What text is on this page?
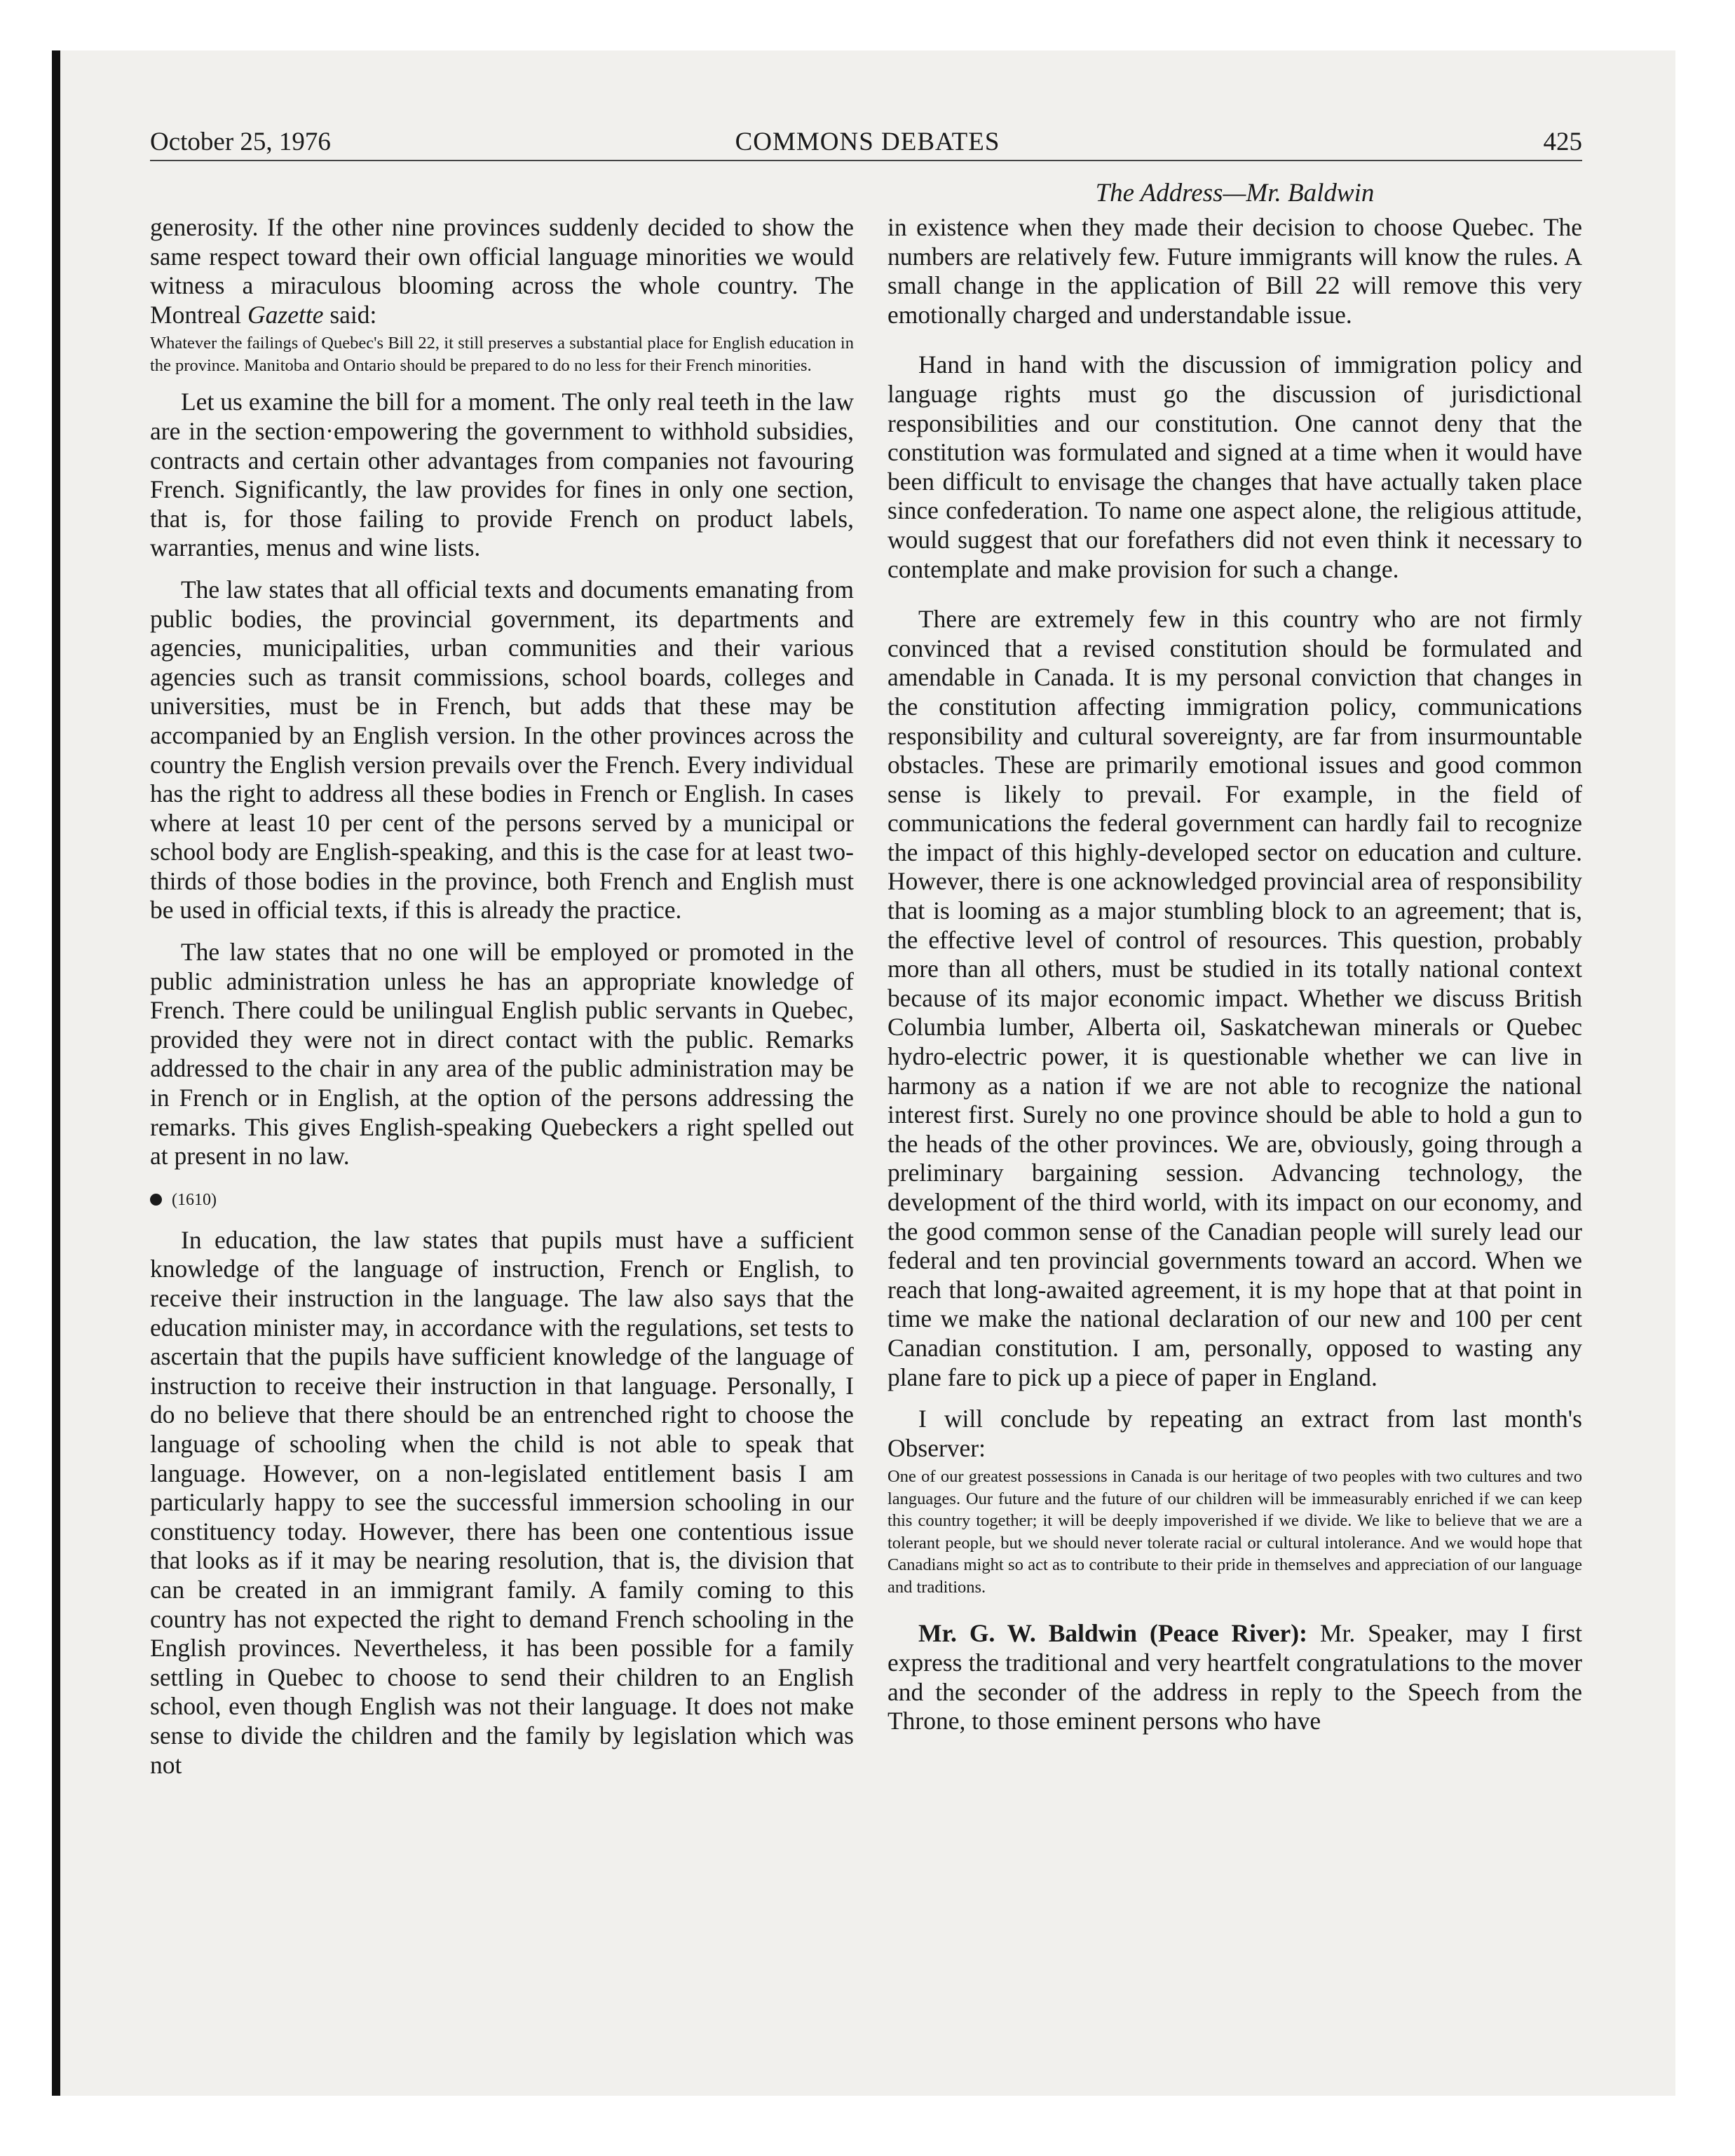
COMMONS DEBATES
October 25, 1976	425
The Address—Mr. Baldwin

generosity. If the other nine provinces suddenly decided to show the same respect toward their own official language minorities we would witness a miraculous blooming across the whole country. The Montreal Gazette said:

Whatever the failings of Quebec's Bill 22, it still preserves a substantial place for English education in the province. Manitoba and Ontario should be prepared to do no less for their French minorities.

Let us examine the bill for a moment. The only real teeth in the law are in the section·empowering the government to withhold subsidies, contracts and certain other advantages from companies not favouring French. Significantly, the law provides for fines in only one section, that is, for those failing to provide French on product labels, warranties, menus and wine lists.

The law states that all official texts and documents emanating from public bodies, the provincial government, its departments and agencies, municipalities, urban communities and their various agencies such as transit commissions, school boards, colleges and universities, must be in French, but adds that these may be accompanied by an English version. In the other provinces across the country the English version prevails over the French. Every individual has the right to address all these bodies in French or English. In cases where at least 10 per cent of the persons served by a municipal or school body are English-speaking, and this is the case for at least two-thirds of those bodies in the province, both French and English must be used in official texts, if this is already the practice.

The law states that no one will be employed or promoted in the public administration unless he has an appropriate knowledge of French. There could be unilingual English public servants in Quebec, provided they were not in direct contact with the public. Remarks addressed to the chair in any area of the public administration may be in French or in English, at the option of the persons addressing the remarks. This gives English-speaking Quebeckers a right spelled out at present in no law.

(1610)

In education, the law states that pupils must have a sufficient knowledge of the language of instruction, French or English, to receive their instruction in the language. The law also says that the education minister may, in accordance with the regulations, set tests to ascertain that the pupils have sufficient knowledge of the language of instruction to receive their instruction in that language. Personally, I do no believe that there should be an entrenched right to choose the language of schooling when the child is not able to speak that language. However, on a non-legislated entitlement basis I am particularly happy to see the successful immersion schooling in our constituency today. However, there has been one contentious issue that looks as if it may be nearing resolution, that is, the division that can be created in an immigrant family. A family coming to this country has not expected the right to demand French schooling in the English provinces. Nevertheless, it has been possible for a family settling in Quebec to choose to send their children to an English school, even though English was not their language. It does not make sense to divide the children and the family by legislation which was not

in existence when they made their decision to choose Quebec. The numbers are relatively few. Future immigrants will know the rules. A small change in the application of Bill 22 will remove this very emotionally charged and understandable issue.

Hand in hand with the discussion of immigration policy and language rights must go the discussion of jurisdictional responsibilities and our constitution. One cannot deny that the constitution was formulated and signed at a time when it would have been difficult to envisage the changes that have actually taken place since confederation. To name one aspect alone, the religious attitude, would suggest that our forefathers did not even think it necessary to contemplate and make provision for such a change.

There are extremely few in this country who are not firmly convinced that a revised constitution should be formulated and amendable in Canada. It is my personal conviction that changes in the constitution affecting immigration policy, communications responsibility and cultural sovereignty, are far from insurmountable obstacles. These are primarily emotional issues and good common sense is likely to prevail. For example, in the field of communications the federal government can hardly fail to recognize the impact of this highly-developed sector on education and culture. However, there is one acknowledged provincial area of responsibility that is looming as a major stumbling block to an agreement; that is, the effective level of control of resources. This question, probably more than all others, must be studied in its totally national context because of its major economic impact. Whether we discuss British Columbia lumber, Alberta oil, Saskatchewan minerals or Quebec hydro-electric power, it is questionable whether we can live in harmony as a nation if we are not able to recognize the national interest first. Surely no one province should be able to hold a gun to the heads of the other provinces. We are, obviously, going through a preliminary bargaining session. Advancing technology, the development of the third world, with its impact on our economy, and the good common sense of the Canadian people will surely lead our federal and ten provincial governments toward an accord. When we reach that long-awaited agreement, it is my hope that at that point in time we make the national declaration of our new and 100 per cent Canadian constitution. I am, personally, opposed to wasting any plane fare to pick up a piece of paper in England.

I will conclude by repeating an extract from last month's Observer:

One of our greatest possessions in Canada is our heritage of two peoples with two cultures and two languages. Our future and the future of our children will be immeasurably enriched if we can keep this country together; it will be deeply impoverished if we divide. We like to believe that we are a tolerant people, but we should never tolerate racial or cultural intolerance. And we would hope that Canadians might so act as to contribute to their pride in themselves and appreciation of our language and traditions.

Mr. G. W. Baldwin (Peace River): Mr. Speaker, may I first express the traditional and very heartfelt congratulations to the mover and the seconder of the address in reply to the Speech from the Throne, to those eminent persons who have
